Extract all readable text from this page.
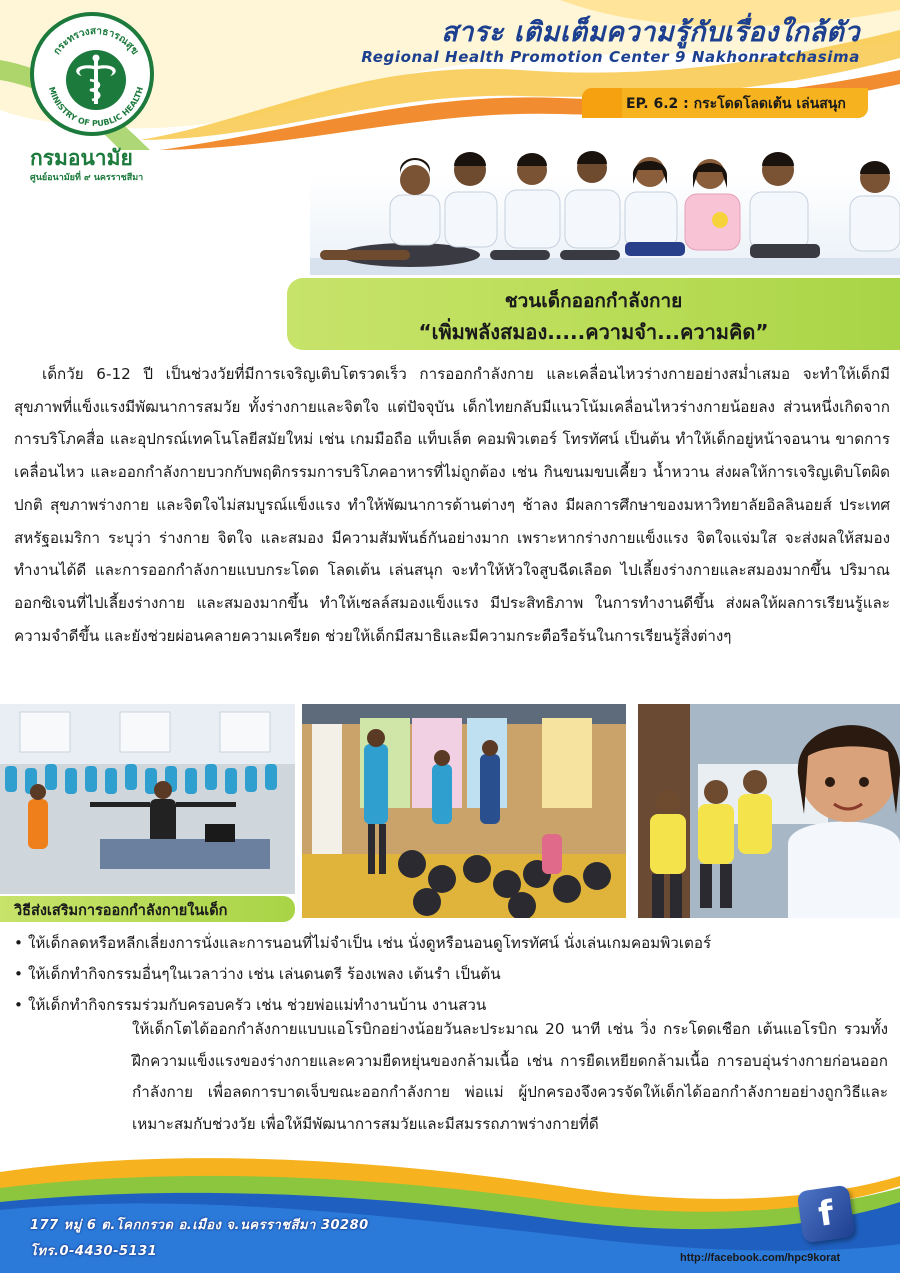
กระทรวงสาธารณสุข
MINISTRY OF PUBLIC HEALTH
กรมอนามัย
ศูนย์อนามัยที่ ๙ นครราชสีมา
สาระ เติมเต็มความรู้กับเรื่องใกล้ตัว
Regional Health Promotion Center 9 Nakhonratchasima
EP. 6.2 : กระโดดโลดเต้น เล่นสนุก
ชวนเด็กออกกำลังกาย
“เพิ่มพลังสมอง.....ความจำ...ความคิด”
เด็กวัย 6-12 ปี เป็นช่วงวัยที่มีการเจริญเติบโตรวดเร็ว การออกกำลังกาย และเคลื่อนไหวร่างกายอย่างสม่ำเสมอ จะทำให้เด็กมีสุขภาพที่แข็งแรงมีพัฒนาการสมวัย ทั้งร่างกายและจิตใจ แต่ปัจจุบัน เด็กไทยกลับมีแนวโน้มเคลื่อนไหวร่างกายน้อยลง ส่วนหนึ่งเกิดจากการบริโภคสื่อ และอุปกรณ์เทคโนโลยีสมัยใหม่ เช่น เกมมือถือ แท็บเล็ต คอมพิวเตอร์ โทรทัศน์ เป็นต้น ทำให้เด็กอยู่หน้าจอนาน ขาดการเคลื่อนไหว และออกกำลังกายบวกกับพฤติกรรมการบริโภคอาหารที่ไม่ถูกต้อง เช่น กินขนมขบเคี้ยว น้ำหวาน ส่งผลให้การเจริญเติบโตผิดปกติ สุขภาพร่างกาย และจิตใจไม่สมบูรณ์แข็งแรง ทำให้พัฒนาการด้านต่างๆ ช้าลง มีผลการศึกษาของมหาวิทยาลัยอิลลินอยส์ ประเทศสหรัฐอเมริกา ระบุว่า ร่างกาย จิตใจ และสมอง มีความสัมพันธ์กันอย่างมาก เพราะหากร่างกายแข็งแรง จิตใจแจ่มใส จะส่งผลให้สมองทำงานได้ดี และการออกกำลังกายแบบกระโดด โลดเต้น เล่นสนุก จะทำให้หัวใจสูบฉีดเลือด ไปเลี้ยงร่างกายและสมองมากขึ้น ปริมาณออกซิเจนที่ไปเลี้ยงร่างกาย และสมองมากขึ้น ทำให้เซลล์สมองแข็งแรง มีประสิทธิภาพ ในการทำงานดีขึ้น ส่งผลให้ผลการเรียนรู้และความจำดีขึ้น และยังช่วยผ่อนคลายความเครียด ช่วยให้เด็กมีสมาธิและมีความกระตือรือร้นในการเรียนรู้สิ่งต่างๆ
วิธีส่งเสริมการออกกำลังกายในเด็ก
• ให้เด็กลดหรือหลีกเลี่ยงการนั่งและการนอนที่ไม่จำเป็น เช่น นั่งดูหรือนอนดูโทรทัศน์ นั่งเล่นเกมคอมพิวเตอร์
• ให้เด็กทำกิจกรรมอื่นๆในเวลาว่าง เช่น เล่นดนตรี ร้องเพลง เต้นรำ เป็นต้น
• ให้เด็กทำกิจกรรมร่วมกับครอบครัว เช่น ช่วยพ่อแม่ทำงานบ้าน งานสวน
ให้เด็กโตได้ออกกำลังกายแบบแอโรบิกอย่างน้อยวันละประมาณ 20 นาที เช่น วิ่ง กระโดดเชือก เต้นแอโรบิก รวมทั้งฝึกความแข็งแรงของร่างกายและความยืดหยุ่นของกล้ามเนื้อ เช่น การยืดเหยียดกล้ามเนื้อ การอบอุ่นร่างกายก่อนออกกำลังกาย เพื่อลดการบาดเจ็บขณะออกกำลังกาย พ่อแม่ ผู้ปกครองจึงควรจัดให้เด็กได้ออกกำลังกายอย่างถูกวิธีและเหมาะสมกับช่วงวัย เพื่อให้มีพัฒนาการสมวัยและมีสมรรถภาพร่างกายที่ดี
177 หมู่ 6 ต.โคกกรวด อ.เมือง จ.นครราชสีมา 30280
โทร.0-4430-5131
f
http://facebook.com/hpc9korat
